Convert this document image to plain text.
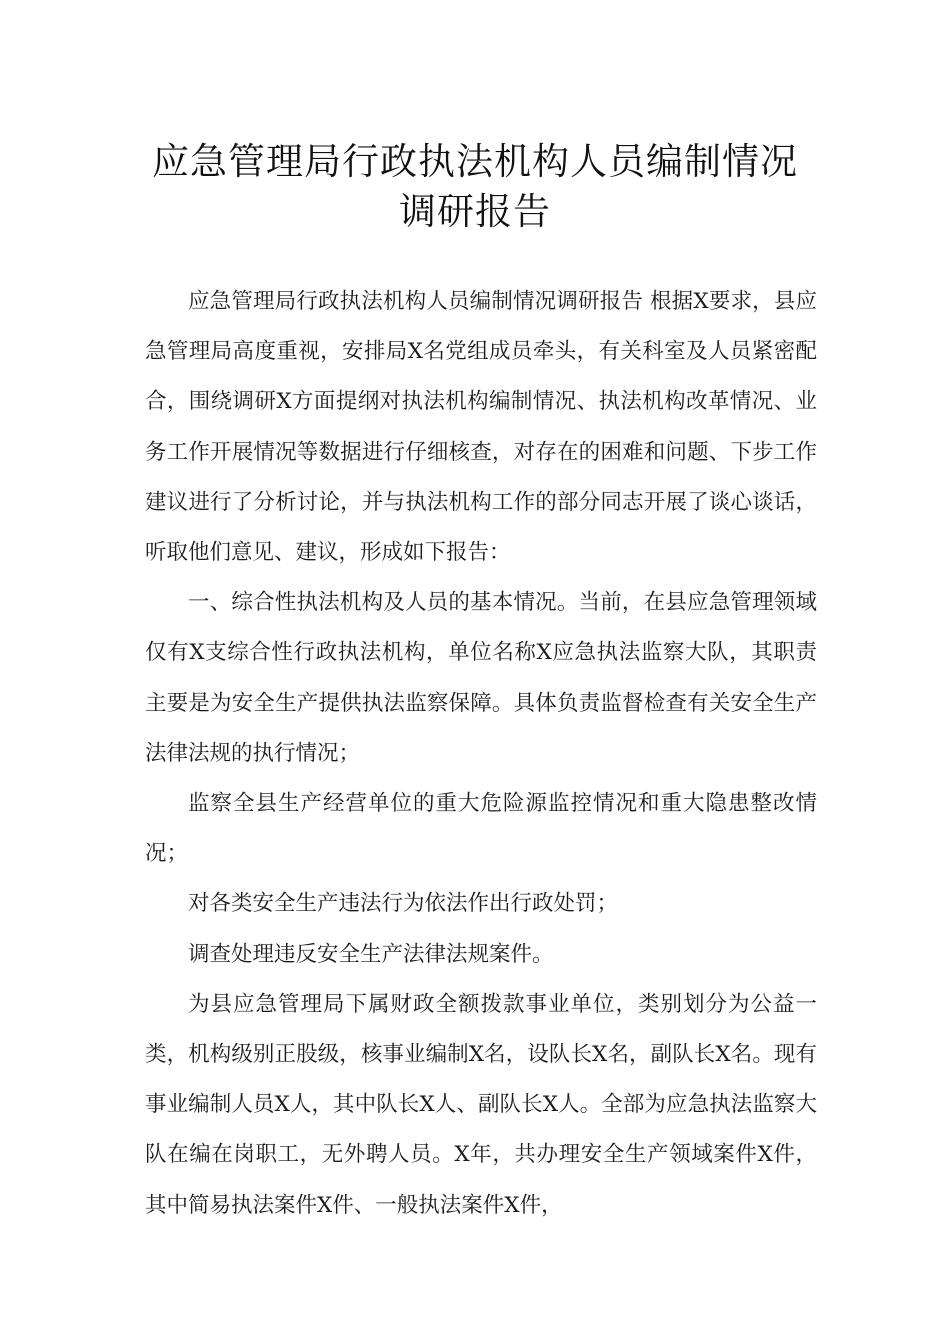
应急管理局行政执法机构人员编制情况
调研报告

应急管理局行政执法机构人员编制情况调研报告 根据X要求，县应急管理局高度重视，安排局X名党组成员牵头，有关科室及人员紧密配合，围绕调研X方面提纲对执法机构编制情况、执法机构改革情况、业务工作开展情况等数据进行仔细核查，对存在的困难和问题、下步工作建议进行了分析讨论，并与执法机构工作的部分同志开展了谈心谈话，听取他们意见、建议，形成如下报告：

一、综合性执法机构及人员的基本情况。当前，在县应急管理领域仅有X支综合性行政执法机构，单位名称X应急执法监察大队，其职责主要是为安全生产提供执法监察保障。具体负责监督检查有关安全生产法律法规的执行情况；

监察全县生产经营单位的重大危险源监控情况和重大隐患整改情况；

对各类安全生产违法行为依法作出行政处罚；

调查处理违反安全生产法律法规案件。

为县应急管理局下属财政全额拨款事业单位，类别划分为公益一类，机构级别正股级，核事业编制X名，设队长X名，副队长X名。现有事业编制人员X人，其中队长X人、副队长X人。全部为应急执法监察大队在编在岗职工，无外聘人员。X年，共办理安全生产领域案件X件，其中简易执法案件X件、一般执法案件X件，
